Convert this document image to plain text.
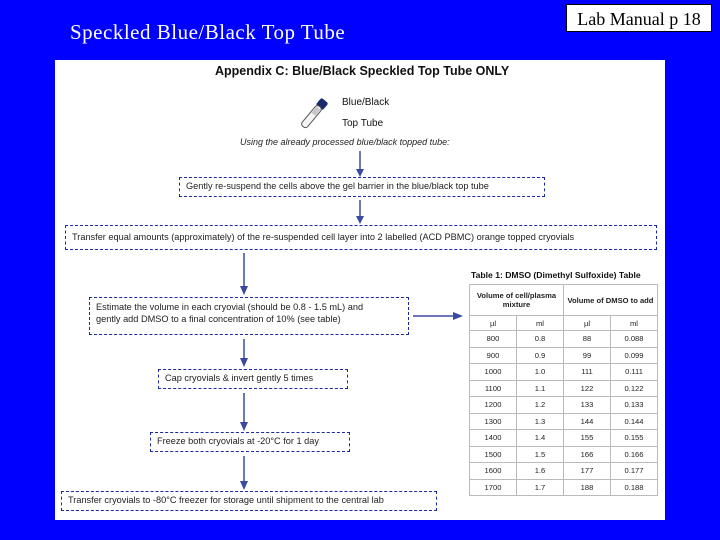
Speckled Blue/Black Top Tube
Lab Manual p 18
Appendix C: Blue/Black Speckled Top Tube ONLY
Blue/Black
Top Tube
Using the already processed blue/black topped tube:
Gently re-suspend the cells above the gel barrier in the blue/black top tube
Transfer equal amounts (approximately) of the re-suspended cell layer into 2 labelled (ACD PBMC) orange topped cryovials
Estimate the volume in each cryovial (should be 0.8 - 1.5 mL) and
gently add DMSO to a final concentration of 10% (see table)
Cap cryovials & invert gently 5 times
Freeze both cryovials at -20°C for 1 day
Transfer cryovials to -80°C freezer for storage until shipment to the central lab
Table 1: DMSO (Dimethyl Sulfoxide) Table
Volume of cell/plasma mixture		Volume of DMSO to add	
µl	ml	µl	ml
800	0.8	88	0.088
900	0.9	99	0.099
1000	1.0	111	0.111
1100	1.1	122	0.122
1200	1.2	133	0.133
1300	1.3	144	0.144
1400	1.4	155	0.155
1500	1.5	166	0.166
1600	1.6	177	0.177
1700	1.7	188	0.188
